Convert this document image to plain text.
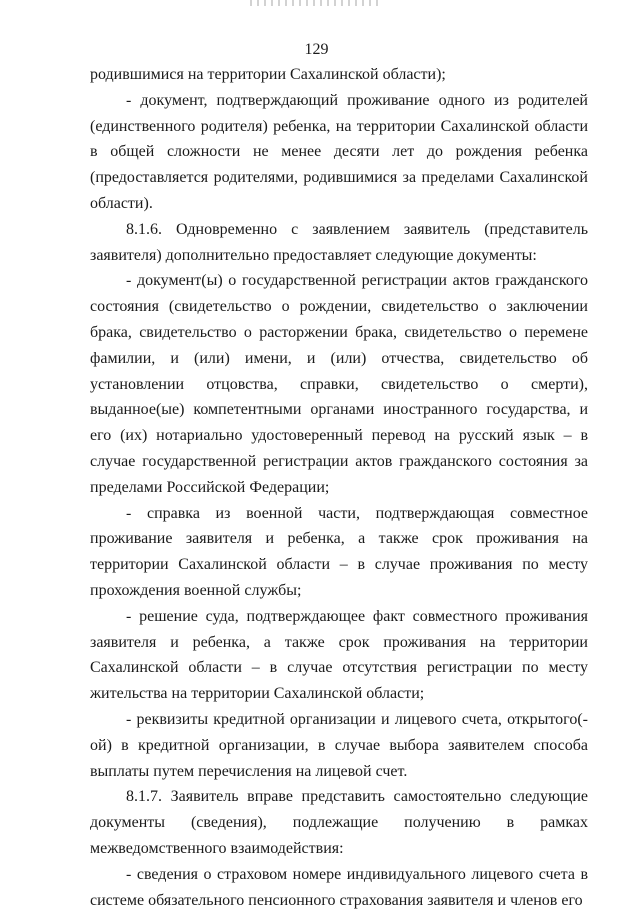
129

родившимися на территории Сахалинской области);

- документ, подтверждающий проживание одного из родителей (единственного родителя) ребенка, на территории Сахалинской области в общей сложности не менее десяти лет до рождения ребенка (предоставляется родителями, родившимися за пределами Сахалинской области).

8.1.6. Одновременно с заявлением заявитель (представитель заявителя) дополнительно предоставляет следующие документы:

- документ(ы) о государственной регистрации актов гражданского состояния (свидетельство о рождении, свидетельство о заключении брака, свидетельство о расторжении брака, свидетельство о перемене фамилии, и (или) имени, и (или) отчества, свидетельство об установлении отцовства, справки, свидетельство о смерти), выданное(ые) компетентными органами иностранного государства, и его (их) нотариально удостоверенный перевод на русский язык – в случае государственной регистрации актов гражданского состояния за пределами Российской Федерации;

- справка из военной части, подтверждающая совместное проживание заявителя и ребенка, а также срок проживания на территории Сахалинской области – в случае проживания по месту прохождения военной службы;

- решение суда, подтверждающее факт совместного проживания заявителя и ребенка, а также срок проживания на территории Сахалинской области – в случае отсутствия регистрации по месту жительства на территории Сахалинской области;

- реквизиты кредитной организации и лицевого счета, открытого(-ой) в кредитной организации, в случае выбора заявителем способа выплаты путем перечисления на лицевой счет.

8.1.7. Заявитель вправе представить самостоятельно следующие документы (сведения), подлежащие получению в рамках межведомственного взаимодействия:

- сведения о страховом номере индивидуального лицевого счета в системе обязательного пенсионного страхования заявителя и членов его
